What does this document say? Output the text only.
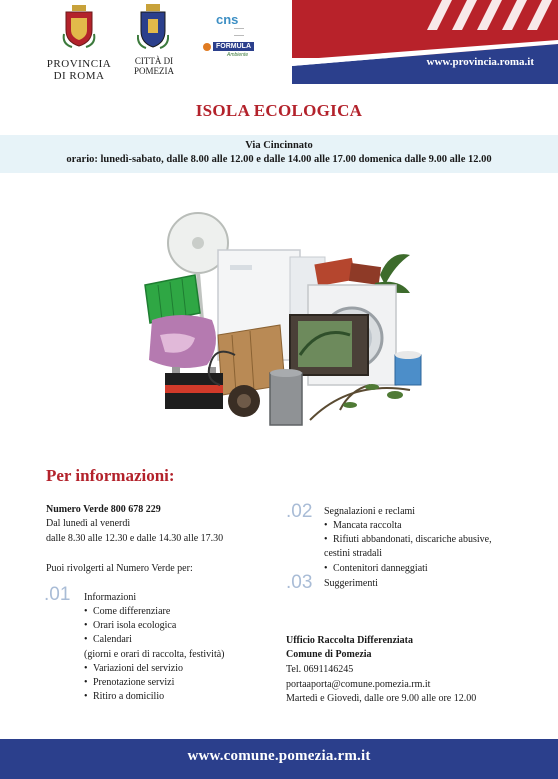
www.provincia.roma.it
PROVINCIA
DI ROMA
CITTÀ DI
POMEZIA
cns
FORMULA
Ambiente
ISOLA ECOLOGICA
Via Cincinnato
orario: lunedì-sabato, dalle 8.00 alle 12.00 e dalle 14.00 alle 17.00 domenica dalle 9.00 alle 12.00
Per informazioni:
Numero Verde 800 678 229
Dal lunedì al venerdì
dalle 8.30 alle 12.30 e dalle 14.30 alle 17.30
Puoi rivolgerti al Numero Verde per:
.01 Informazioni
• Come differenziare
• Orari isola ecologica
• Calendari
(giorni e orari di raccolta, festività)
• Variazioni del servizio
• Prenotazione servizi
• Ritiro a domicilio
.02 Segnalazioni e reclami
• Mancata raccolta
• Rifiuti abbandonati, discariche abusive,
cestini stradali
• Contenitori danneggiati
.03 Suggerimenti
Ufficio Raccolta Differenziata
Comune di Pomezia
Tel. 0691146245
portaaporta@comune.pomezia.rm.it
Martedì e Giovedì, dalle ore 9.00 alle ore 12.00
www.comune.pomezia.rm.it
